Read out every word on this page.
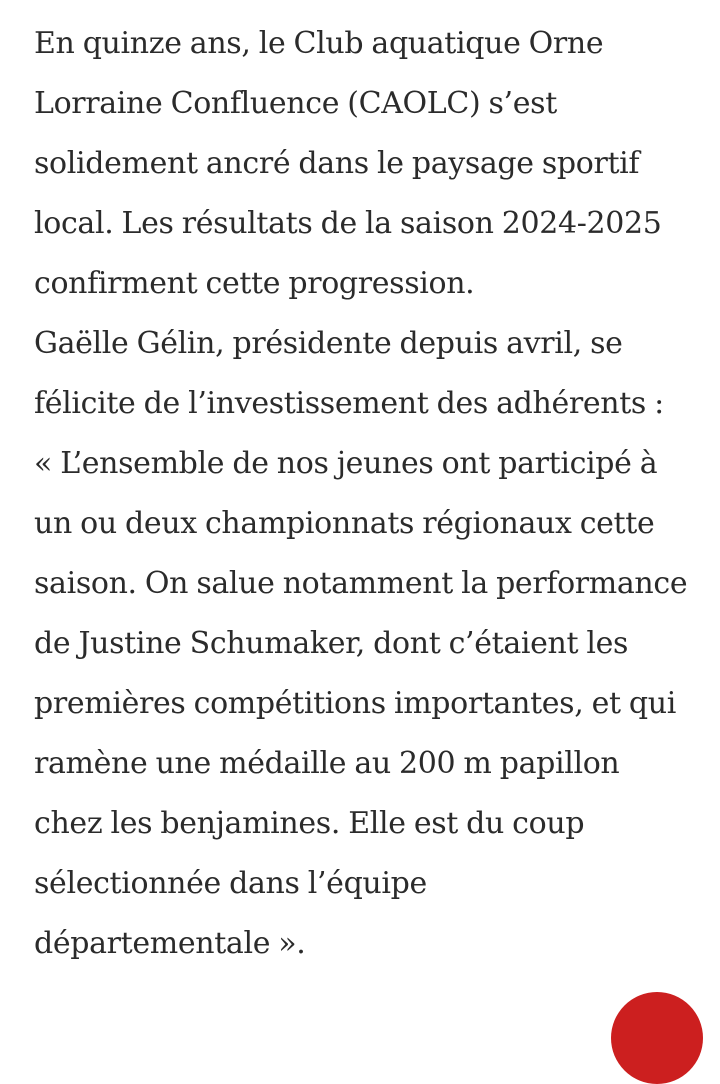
En quinze ans, le Club aquatique Orne
Lorraine Confluence (CAOLC) s’est
solidement ancré dans le paysage sportif
local. Les résultats de la saison 2024-2025
confirment cette progression.

Gaëlle Gélin, présidente depuis avril, se
félicite de l’investissement des adhérents :
« L’ensemble de nos jeunes ont participé à
un ou deux championnats régionaux cette
saison. On salue notamment la performance
de Justine Schumaker, dont c’étaient les
premières compétitions importantes, et qui
ramène une médaille au 200 m papillon
chez les benjamines. Elle est du coup
sélectionnée dans l’équipe
départementale ».
